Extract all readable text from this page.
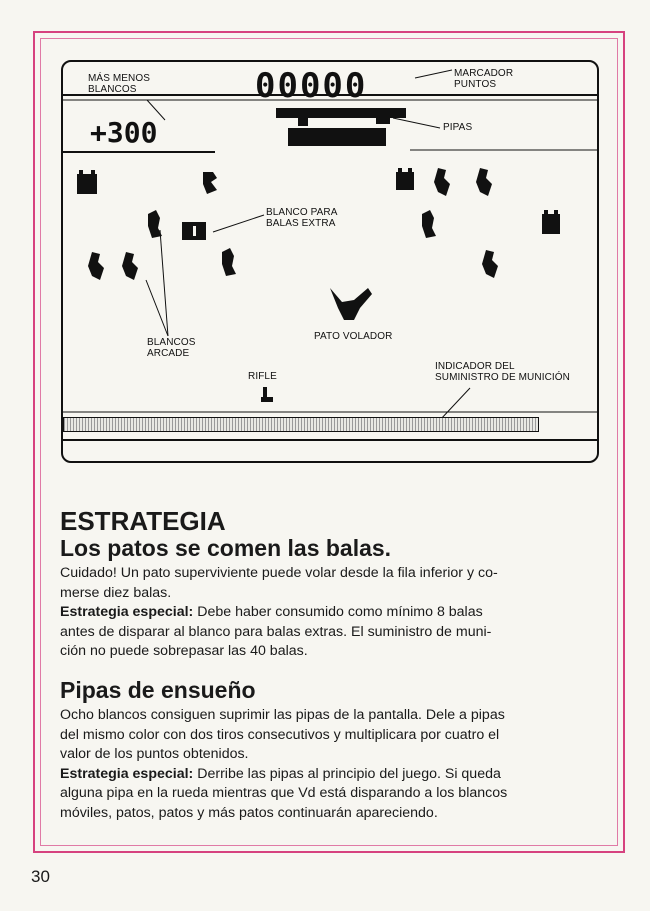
00000
+300
MÁS MENOS
BLANCOS
MARCADOR
PUNTOS
PIPAS
BLANCO PARA
BALAS EXTRA
BLANCOS
ARCADE
PATO VOLADOR
RIFLE
INDICADOR DEL
SUMINISTRO DE MUNICIÓN
ESTRATEGIA
Los patos se comen las balas.

Cuidado! Un pato superviviente puede volar desde la fila inferior y co-
merse diez balas.
Estrategia especial: Debe haber consumido como mínimo 8 balas
antes de disparar al blanco para balas extras. El suministro de muni-
ción no puede sobrepasar las 40 balas.

Pipas de ensueño

Ocho blancos consiguen suprimir las pipas de la pantalla. Dele a pipas
del mismo color con dos tiros consecutivos y multiplicara por cuatro el
valor de los puntos obtenidos.
Estrategia especial: Derribe las pipas al principio del juego. Si queda
alguna pipa en la rueda mientras que Vd está disparando a los blancos
móviles, patos, patos y más patos continuarán apareciendo.

30
